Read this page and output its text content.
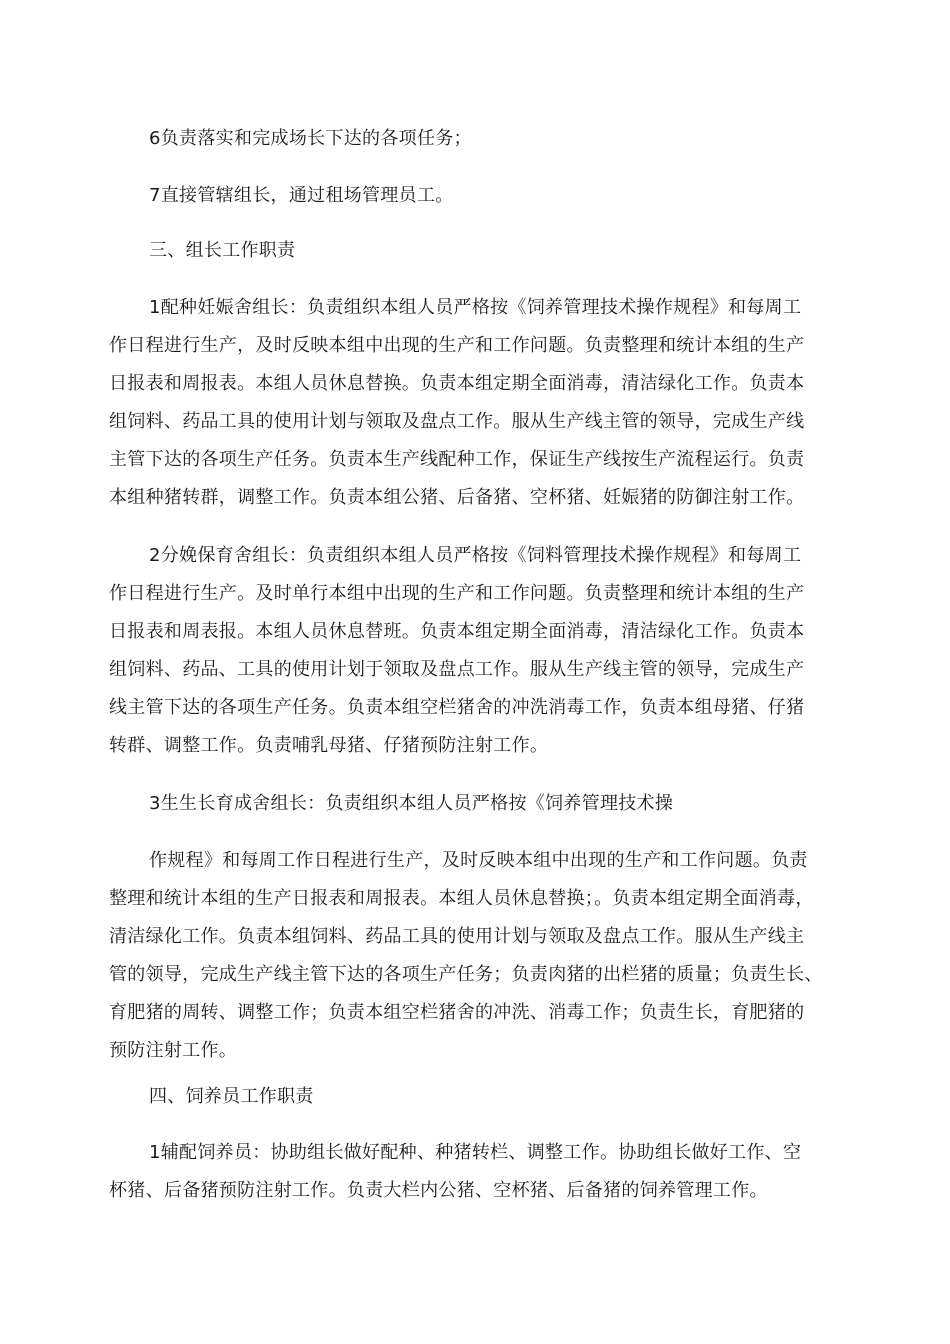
6负责落实和完成场长下达的各项任务；
7直接管辖组长，通过租场管理员工。
三、组长工作职责
1配种妊娠舍组长：负责组织本组人员严格按《饲养管理技术操作规程》和每周工
作日程进行生产，及时反映本组中出现的生产和工作问题。负责整理和统计本组的生产
日报表和周报表。本组人员休息替换。负责本组定期全面消毒，清洁绿化工作。负责本
组饲料、药品工具的使用计划与领取及盘点工作。服从生产线主管的领导，完成生产线
主管下达的各项生产任务。负责本生产线配种工作，保证生产线按生产流程运行。负责
本组种猪转群，调整工作。负责本组公猪、后备猪、空杯猪、妊娠猪的防御注射工作。
2分娩保育舍组长：负责组织本组人员严格按《饲料管理技术操作规程》和每周工
作日程进行生产。及时单行本组中出现的生产和工作问题。负责整理和统计本组的生产
日报表和周表报。本组人员休息替班。负责本组定期全面消毒，清洁绿化工作。负责本
组饲料、药品、工具的使用计划于领取及盘点工作。服从生产线主管的领导，完成生产
线主管下达的各项生产任务。负责本组空栏猪舍的冲洗消毒工作，负责本组母猪、仔猪
转群、调整工作。负责哺乳母猪、仔猪预防注射工作。
3生生长育成舍组长：负责组织本组人员严格按《饲养管理技术操
作规程》和每周工作日程进行生产，及时反映本组中出现的生产和工作问题。负责
整理和统计本组的生产日报表和周报表。本组人员休息替换；。负责本组定期全面消毒，
清洁绿化工作。负责本组饲料、药品工具的使用计划与领取及盘点工作。服从生产线主
管的领导，完成生产线主管下达的各项生产任务；负责肉猪的出栏猪的质量；负责生长、
育肥猪的周转、调整工作；负责本组空栏猪舍的冲洗、消毒工作；负责生长，育肥猪的
预防注射工作。
四、饲养员工作职责
1辅配饲养员：协助组长做好配种、种猪转栏、调整工作。协助组长做好工作、空
杯猪、后备猪预防注射工作。负责大栏内公猪、空杯猪、后备猪的饲养管理工作。
